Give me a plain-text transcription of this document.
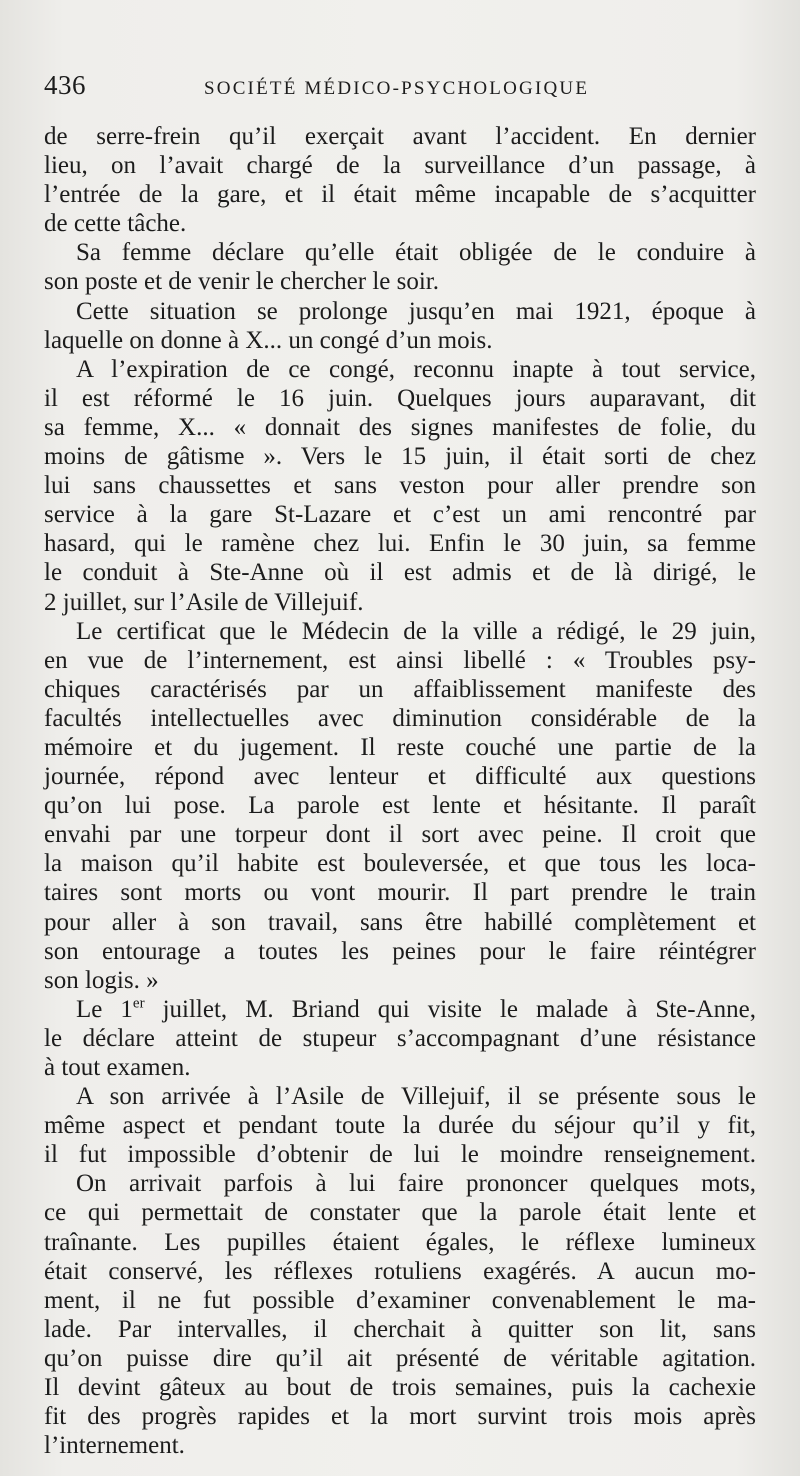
436	SOCIÉTÉ MÉDICO-PSYCHOLOGIQUE
de serre-frein qu’il exerçait avant l’accident. En dernier
lieu, on l’avait chargé de la surveillance d’un passage, à
l’entrée de la gare, et il était même incapable de s’acquitter
de cette tâche.
Sa femme déclare qu’elle était obligée de le conduire à
son poste et de venir le chercher le soir.
Cette situation se prolonge jusqu’en mai 1921, époque à
laquelle on donne à X... un congé d’un mois.
A l’expiration de ce congé, reconnu inapte à tout service,
il est réformé le 16 juin. Quelques jours auparavant, dit
sa femme, X... « donnait des signes manifestes de folie, du
moins de gâtisme ». Vers le 15 juin, il était sorti de chez
lui sans chaussettes et sans veston pour aller prendre son
service à la gare St-Lazare et c’est un ami rencontré par
hasard, qui le ramène chez lui. Enfin le 30 juin, sa femme
le conduit à Ste-Anne où il est admis et de là dirigé, le
2 juillet, sur l’Asile de Villejuif.
Le certificat que le Médecin de la ville a rédigé, le 29 juin,
en vue de l’internement, est ainsi libellé : « Troubles psy-
chiques caractérisés par un affaiblissement manifeste des
facultés intellectuelles avec diminution considérable de la
mémoire et du jugement. Il reste couché une partie de la
journée, répond avec lenteur et difficulté aux questions
qu’on lui pose. La parole est lente et hésitante. Il paraît
envahi par une torpeur dont il sort avec peine. Il croit que
la maison qu’il habite est bouleversée, et que tous les loca-
taires sont morts ou vont mourir. Il part prendre le train
pour aller à son travail, sans être habillé complètement et
son entourage a toutes les peines pour le faire réintégrer
son logis. »
Le 1er juillet, M. Briand qui visite le malade à Ste-Anne,
le déclare atteint de stupeur s’accompagnant d’une résistance
à tout examen.
A son arrivée à l’Asile de Villejuif, il se présente sous le
même aspect et pendant toute la durée du séjour qu’il y fit,
il fut impossible d’obtenir de lui le moindre renseignement.
On arrivait parfois à lui faire prononcer quelques mots,
ce qui permettait de constater que la parole était lente et
traînante. Les pupilles étaient égales, le réflexe lumineux
était conservé, les réflexes rotuliens exagérés. A aucun mo-
ment, il ne fut possible d’examiner convenablement le ma-
lade. Par intervalles, il cherchait à quitter son lit, sans
qu’on puisse dire qu’il ait présenté de véritable agitation.
Il devint gâteux au bout de trois semaines, puis la cachexie
fit des progrès rapides et la mort survint trois mois après
l’internement.
